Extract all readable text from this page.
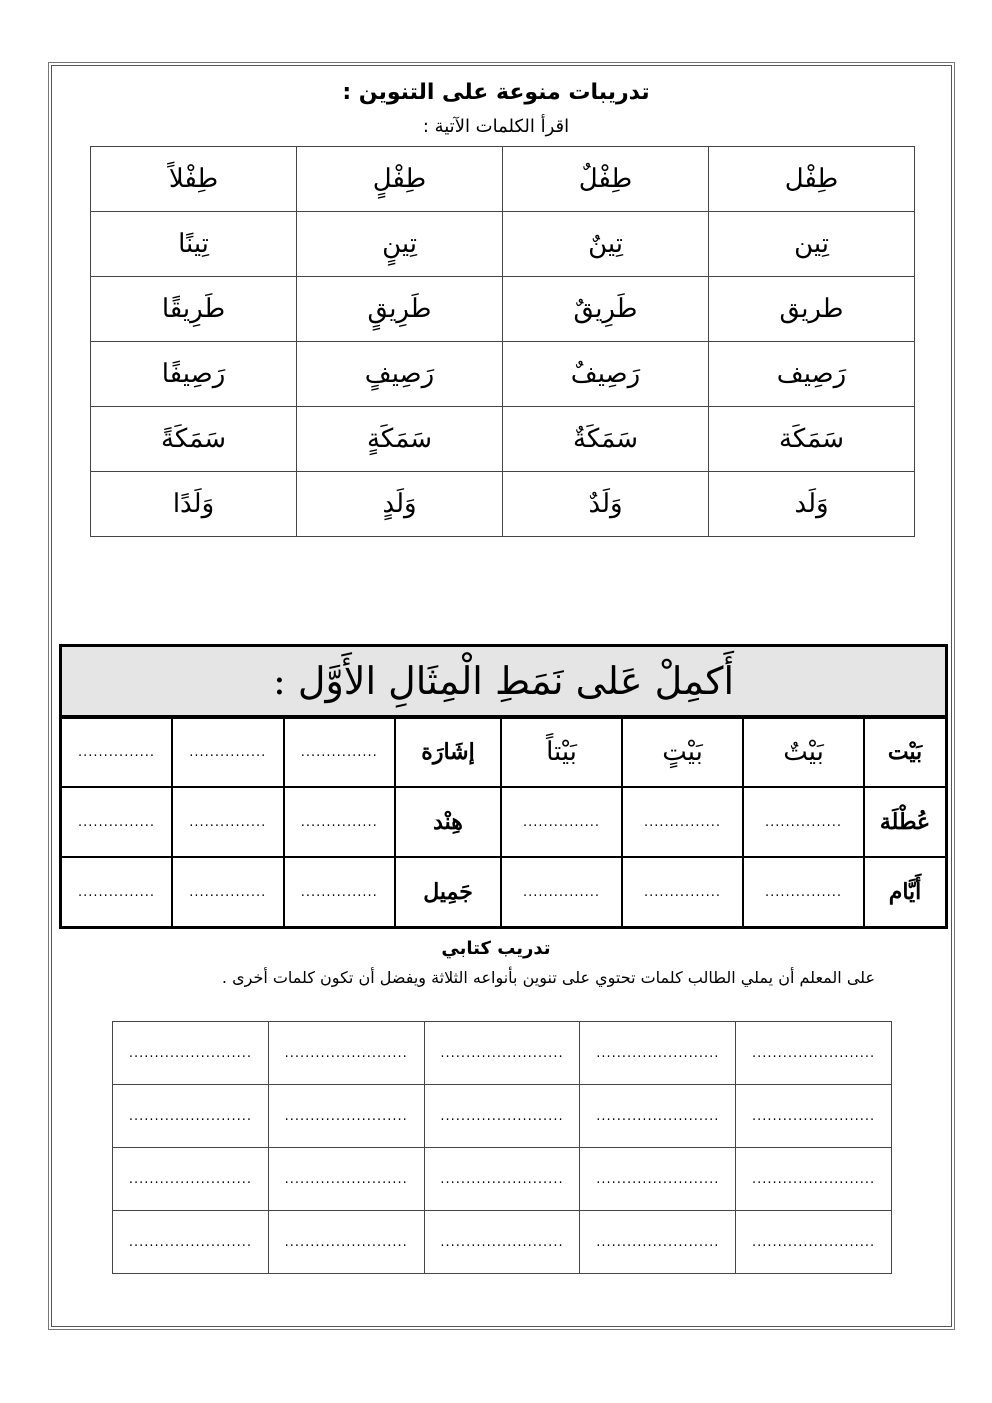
تدريبات منوعة على التنوين :
اقرأ الكلمات الآتية :
طِفْل	طِفْلٌ	طِفْلٍ	طِفْلاً
تِين	تِينٌ	تِينٍ	تِينًا
طريق	طَرِيقٌ	طَرِيقٍ	طَرِيقًا
رَصِيف	رَصِيفٌ	رَصِيفٍ	رَصِيفًا
سَمَكَة	سَمَكَةٌ	سَمَكَةٍ	سَمَكَةً
وَلَد	وَلَدٌ	وَلَدٍ	وَلَدًا
أَكمِلْ عَلى نَمَطِ الْمِثَالِ الأَوَّل :
بَيْت	بَيْتٌ	بَيْتٍ	بَيْتاً	إشَارَة	...............	...............	...............
عُطْلَة	...............	...............	...............	هِنْد	...............	...............	...............
أَيَّام	...............	...............	...............	جَمِيل	...............	...............	...............
تدريب كتابي
على المعلم أن يملي الطالب كلمات تحتوي على تنوين بأنواعه الثلاثة ويفضل أن تكون كلمات أخرى .
........................	........................	........................	........................	........................
........................	........................	........................	........................	........................
........................	........................	........................	........................	........................
........................	........................	........................	........................	........................
